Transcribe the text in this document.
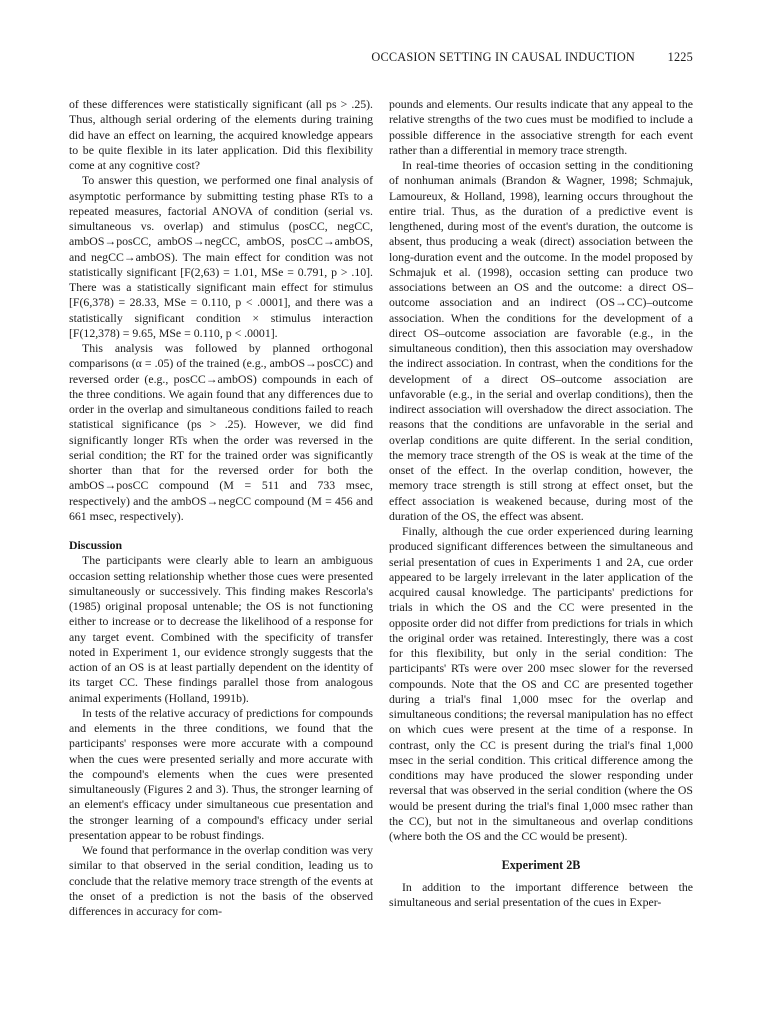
OCCASION SETTING IN CAUSAL INDUCTION	1225

of these differences were statistically significant (all ps > .25). Thus, although serial ordering of the elements during training did have an effect on learning, the acquired knowledge appears to be quite flexible in its later application. Did this flexibility come at any cognitive cost?

To answer this question, we performed one final analysis of asymptotic performance by submitting testing phase RTs to a repeated measures, factorial ANOVA of condition (serial vs. simultaneous vs. overlap) and stimulus (posCC, negCC, ambOS→posCC, ambOS→negCC, ambOS, posCC→ambOS, and negCC→ambOS). The main effect for condition was not statistically significant [F(2,63) = 1.01, MSe = 0.791, p > .10]. There was a statistically significant main effect for stimulus [F(6,378) = 28.33, MSe = 0.110, p < .0001], and there was a statistically significant condition × stimulus interaction [F(12,378) = 9.65, MSe = 0.110, p < .0001].

This analysis was followed by planned orthogonal comparisons (α = .05) of the trained (e.g., ambOS→posCC) and reversed order (e.g., posCC→ambOS) compounds in each of the three conditions. We again found that any differences due to order in the overlap and simultaneous conditions failed to reach statistical significance (ps > .25). However, we did find significantly longer RTs when the order was reversed in the serial condition; the RT for the trained order was significantly shorter than that for the reversed order for both the ambOS→posCC compound (M = 511 and 733 msec, respectively) and the ambOS→negCC compound (M = 456 and 661 msec, respectively).

Discussion

The participants were clearly able to learn an ambiguous occasion setting relationship whether those cues were presented simultaneously or successively. This finding makes Rescorla's (1985) original proposal untenable; the OS is not functioning either to increase or to decrease the likelihood of a response for any target event. Combined with the specificity of transfer noted in Experiment 1, our evidence strongly suggests that the action of an OS is at least partially dependent on the identity of its target CC. These findings parallel those from analogous animal experiments (Holland, 1991b).

In tests of the relative accuracy of predictions for compounds and elements in the three conditions, we found that the participants' responses were more accurate with a compound when the cues were presented serially and more accurate with the compound's elements when the cues were presented simultaneously (Figures 2 and 3). Thus, the stronger learning of an element's efficacy under simultaneous cue presentation and the stronger learning of a compound's efficacy under serial presentation appear to be robust findings.

We found that performance in the overlap condition was very similar to that observed in the serial condition, leading us to conclude that the relative memory trace strength of the events at the onset of a prediction is not the basis of the observed differences in accuracy for com-

pounds and elements. Our results indicate that any appeal to the relative strengths of the two cues must be modified to include a possible difference in the associative strength for each event rather than a differential in memory trace strength.

In real-time theories of occasion setting in the conditioning of nonhuman animals (Brandon & Wagner, 1998; Schmajuk, Lamoureux, & Holland, 1998), learning occurs throughout the entire trial. Thus, as the duration of a predictive event is lengthened, during most of the event's duration, the outcome is absent, thus producing a weak (direct) association between the long-duration event and the outcome. In the model proposed by Schmajuk et al. (1998), occasion setting can produce two associations between an OS and the outcome: a direct OS–outcome association and an indirect (OS→CC)–outcome association. When the conditions for the development of a direct OS–outcome association are favorable (e.g., in the simultaneous condition), then this association may overshadow the indirect association. In contrast, when the conditions for the development of a direct OS–outcome association are unfavorable (e.g., in the serial and overlap conditions), then the indirect association will overshadow the direct association. The reasons that the conditions are unfavorable in the serial and overlap conditions are quite different. In the serial condition, the memory trace strength of the OS is weak at the time of the onset of the effect. In the overlap condition, however, the memory trace strength is still strong at effect onset, but the effect association is weakened because, during most of the duration of the OS, the effect was absent.

Finally, although the cue order experienced during learning produced significant differences between the simultaneous and serial presentation of cues in Experiments 1 and 2A, cue order appeared to be largely irrelevant in the later application of the acquired causal knowledge. The participants' predictions for trials in which the OS and the CC were presented in the opposite order did not differ from predictions for trials in which the original order was retained. Interestingly, there was a cost for this flexibility, but only in the serial condition: The participants' RTs were over 200 msec slower for the reversed compounds. Note that the OS and CC are presented together during a trial's final 1,000 msec for the overlap and simultaneous conditions; the reversal manipulation has no effect on which cues were present at the time of a response. In contrast, only the CC is present during the trial's final 1,000 msec in the serial condition. This critical difference among the conditions may have produced the slower responding under reversal that was observed in the serial condition (where the OS would be present during the trial's final 1,000 msec rather than the CC), but not in the simultaneous and overlap conditions (where both the OS and the CC would be present).

Experiment 2B

In addition to the important difference between the simultaneous and serial presentation of the cues in Exper-
